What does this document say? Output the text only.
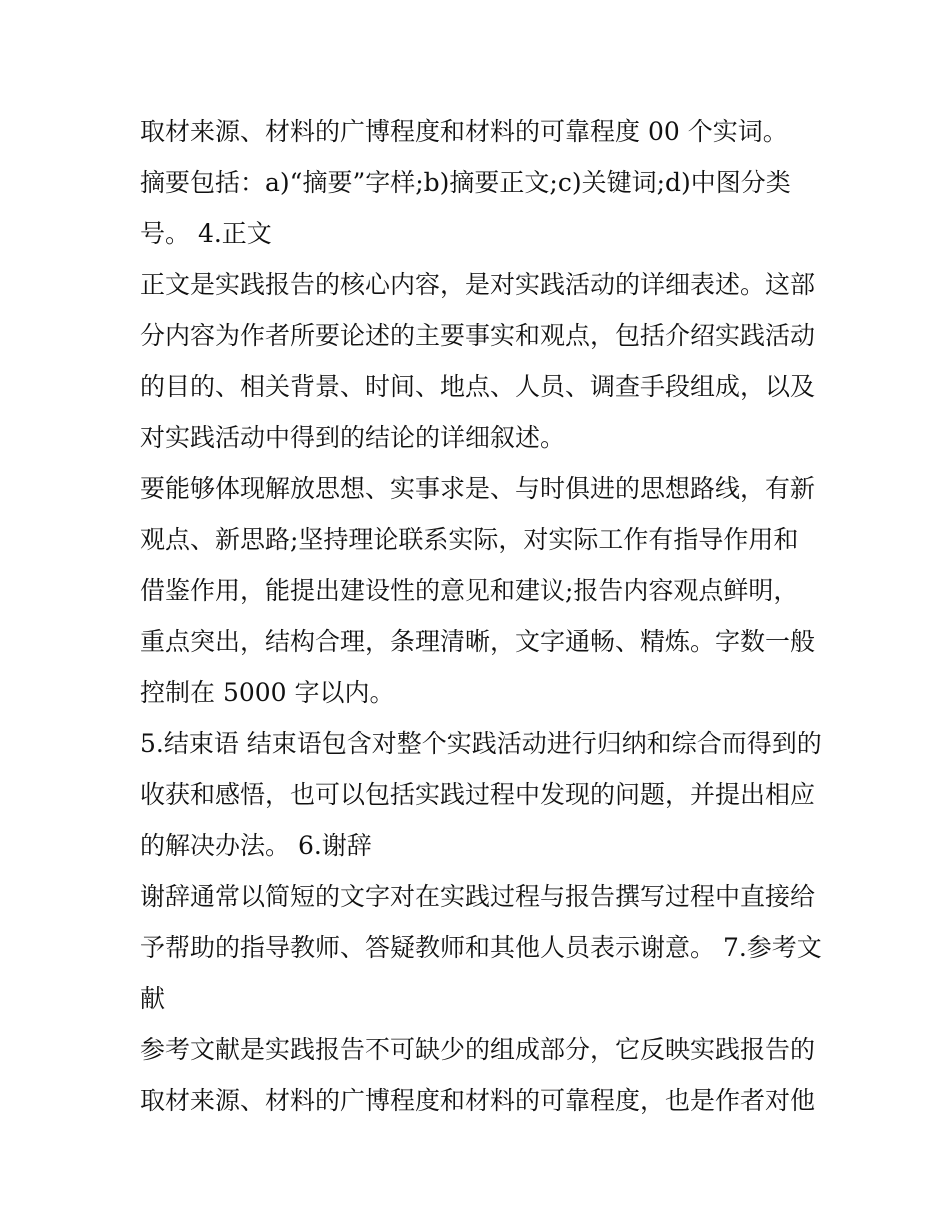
取材来源、材料的广博程度和材料的可靠程度 00 个实词。
摘要包括：a)“摘要”字样;b)摘要正文;c)关键词;d)中图分类
号。 4.正文
正文是实践报告的核心内容，是对实践活动的详细表述。这部
分内容为作者所要论述的主要事实和观点，包括介绍实践活动
的目的、相关背景、时间、地点、人员、调查手段组成，以及
对实践活动中得到的结论的详细叙述。
要能够体现解放思想、实事求是、与时俱进的思想路线，有新
观点、新思路;坚持理论联系实际，对实际工作有指导作用和
借鉴作用，能提出建设性的意见和建议;报告内容观点鲜明，
重点突出，结构合理，条理清晰，文字通畅、精炼。字数一般
控制在 5000 字以内。
5.结束语 结束语包含对整个实践活动进行归纳和综合而得到的
收获和感悟，也可以包括实践过程中发现的问题，并提出相应
的解决办法。 6.谢辞
谢辞通常以简短的文字对在实践过程与报告撰写过程中直接给
予帮助的指导教师、答疑教师和其他人员表示谢意。 7.参考文
献
参考文献是实践报告不可缺少的组成部分，它反映实践报告的
取材来源、材料的广博程度和材料的可靠程度，也是作者对他
